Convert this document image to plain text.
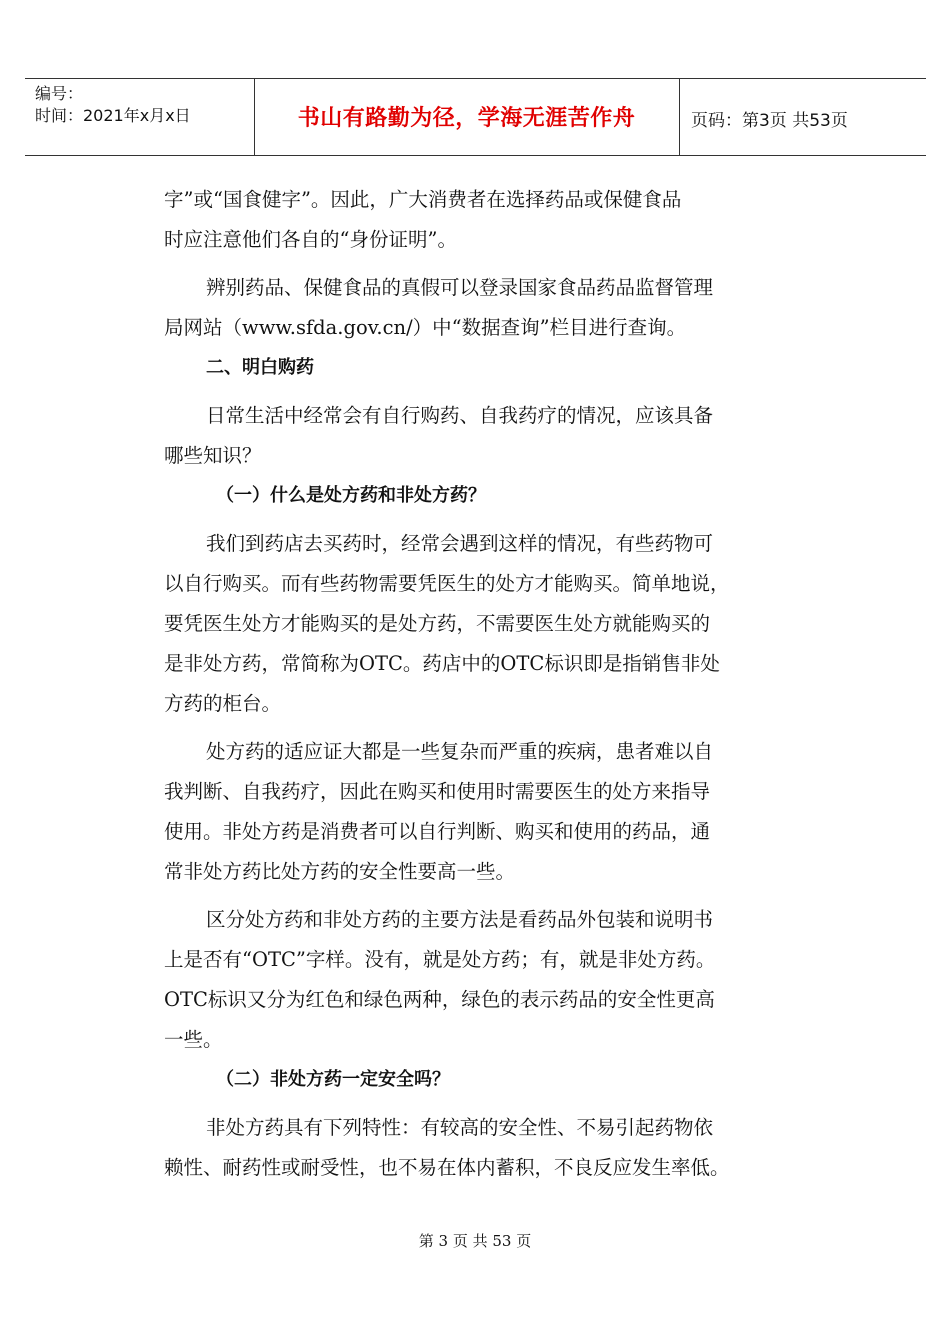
编号：
时间：2021年x月x日	书山有路勤为径，学海无涯苦作舟	页码：第3页 共53页
字”或“国食健字”。因此，广大消费者在选择药品或保健食品
时应注意他们各自的“身份证明”。
辨别药品、保健食品的真假可以登录国家食品药品监督管理
局网站（www.sfda.gov.cn/）中“数据查询”栏目进行查询。
二、明白购药
日常生活中经常会有自行购药、自我药疗的情况，应该具备
哪些知识？
（一）什么是处方药和非处方药？
我们到药店去买药时，经常会遇到这样的情况，有些药物可
以自行购买。而有些药物需要凭医生的处方才能购买。简单地说，
要凭医生处方才能购买的是处方药，不需要医生处方就能购买的
是非处方药，常简称为OTC。药店中的OTC标识即是指销售非处
方药的柜台。
处方药的适应证大都是一些复杂而严重的疾病，患者难以自
我判断、自我药疗，因此在购买和使用时需要医生的处方来指导
使用。非处方药是消费者可以自行判断、购买和使用的药品，通
常非处方药比处方药的安全性要高一些。
区分处方药和非处方药的主要方法是看药品外包装和说明书
上是否有“OTC”字样。没有，就是处方药；有，就是非处方药。
OTC标识又分为红色和绿色两种，绿色的表示药品的安全性更高
一些。
（二）非处方药一定安全吗？
非处方药具有下列特性：有较高的安全性、不易引起药物依
赖性、耐药性或耐受性，也不易在体内蓄积，不良反应发生率低。
第 3 页 共 53 页
